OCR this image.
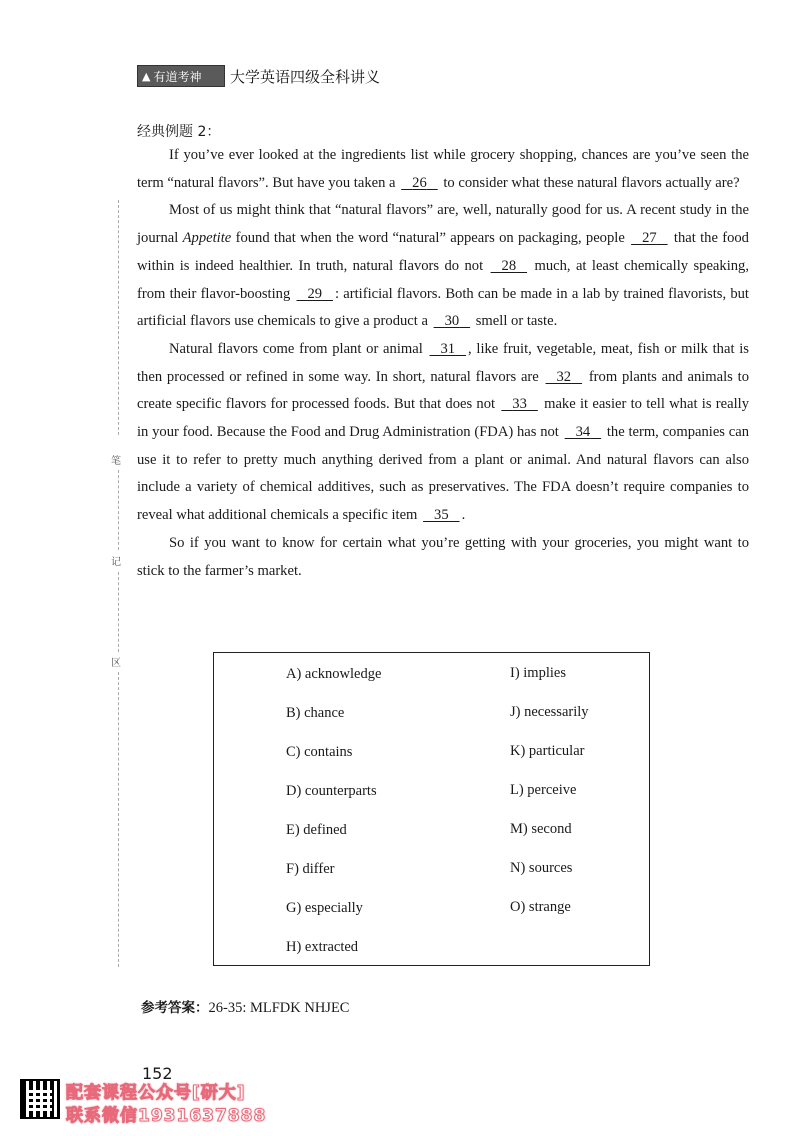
▲ 有道考神 大学英语四级全科讲义
经典例题 2：
笔
记
区

If you’ve ever looked at the ingredients list while grocery shopping, chances are you’ve seen the term “natural flavors”. But have you taken a 26 to consider what these natural flavors actually are?

Most of us might think that “natural flavors” are, well, naturally good for us. A recent study in the journal Appetite found that when the word “natural” appears on packaging, people 27 that the food within is indeed healthier. In truth, natural flavors do not 28 much, at least chemically speaking, from their flavor-boosting 29 : artificial flavors. Both can be made in a lab by trained flavorists, but artificial flavors use chemicals to give a product a 30 smell or taste.

Natural flavors come from plant or animal 31 , like fruit, vegetable, meat, fish or milk that is then processed or refined in some way. In short, natural flavors are 32 from plants and animals to create specific flavors for processed foods. But that does not 33 make it easier to tell what is really in your food. Because the Food and Drug Administration (FDA) has not 34 the term, companies can use it to refer to pretty much anything derived from a plant or animal. And natural flavors can also include a variety of chemical additives, such as preservatives. The FDA doesn’t require companies to reveal what additional chemicals a specific item 35 .

So if you want to know for certain what you’re getting with your groceries, you might want to stick to the farmer’s market.

A) acknowledge
B) chance
C) contains
D) counterparts
E) defined
F) differ
G) especially
H) extracted
I) implies
J) necessarily
K) particular
L) perceive
M) second
N) sources
O) strange
参考答案：26-35: MLFDK NHJEC
152
配套课程公众号[研大]
联系微信1931637888
